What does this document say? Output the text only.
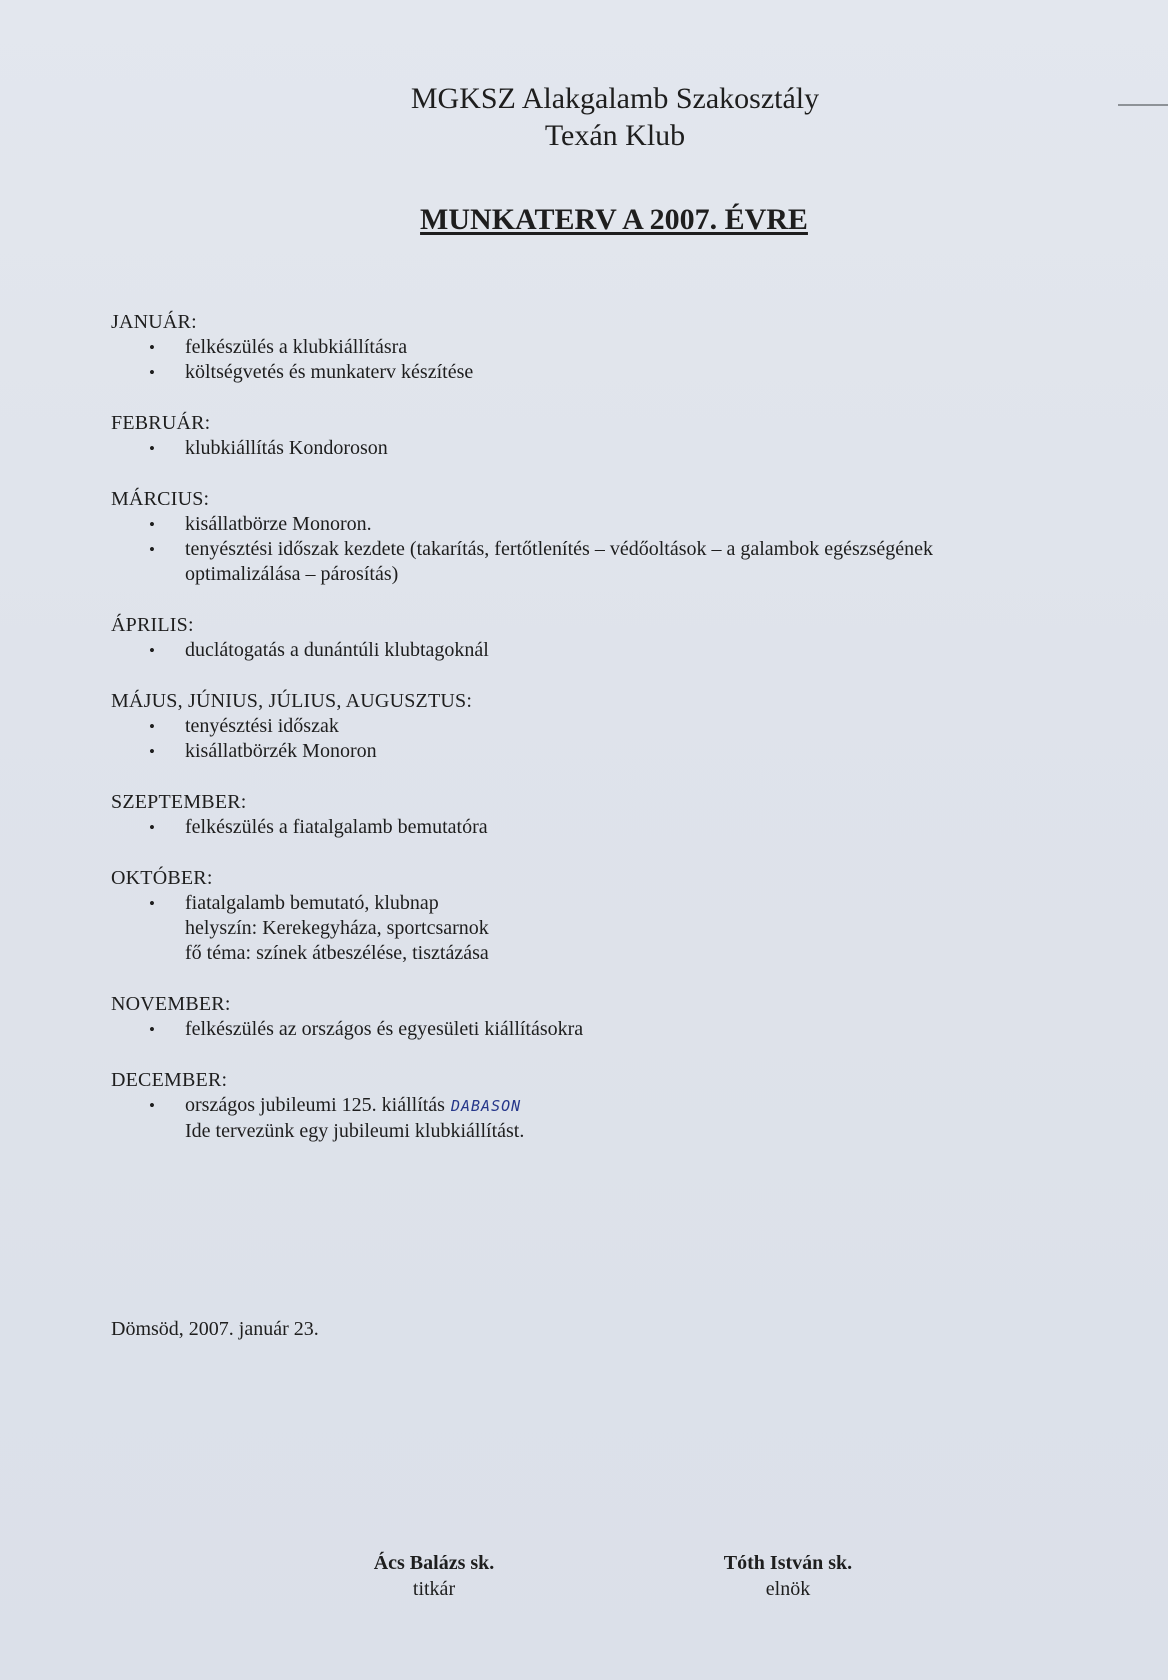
MGKSZ Alakgalamb Szakosztály

Texán Klub

MUNKATERV A 2007. ÉVRE

JANUÁR:

• felkészülés a klubkiállításra
• költségvetés és munkaterv készítése

FEBRUÁR:

• klubkiállítás Kondoroson

MÁRCIUS:

• kisállatbörze Monoron.
• tenyésztési időszak kezdete (takarítás, fertőtlenítés – védőoltások – a galambok egészségének
optimalizálása – párosítás)

ÁPRILIS:

• duclátogatás a dunántúli klubtagoknál

MÁJUS, JÚNIUS, JÚLIUS, AUGUSZTUS:

• tenyésztési időszak
• kisállatbörzék Monoron

SZEPTEMBER:

• felkészülés a fiatalgalamb bemutatóra

OKTÓBER:

• fiatalgalamb bemutató, klubnap
helyszín: Kerekegyháza, sportcsarnok
fő téma: színek átbeszélése, tisztázása

NOVEMBER:

• felkészülés az országos és egyesületi kiállításokra

DECEMBER:

• országos jubileumi 125. kiállítás DABASON
Ide tervezünk egy jubileumi klubkiállítást.

Dömsöd, 2007. január 23.

Ács Balázs sk.

titkár

Tóth István sk.

elnök
